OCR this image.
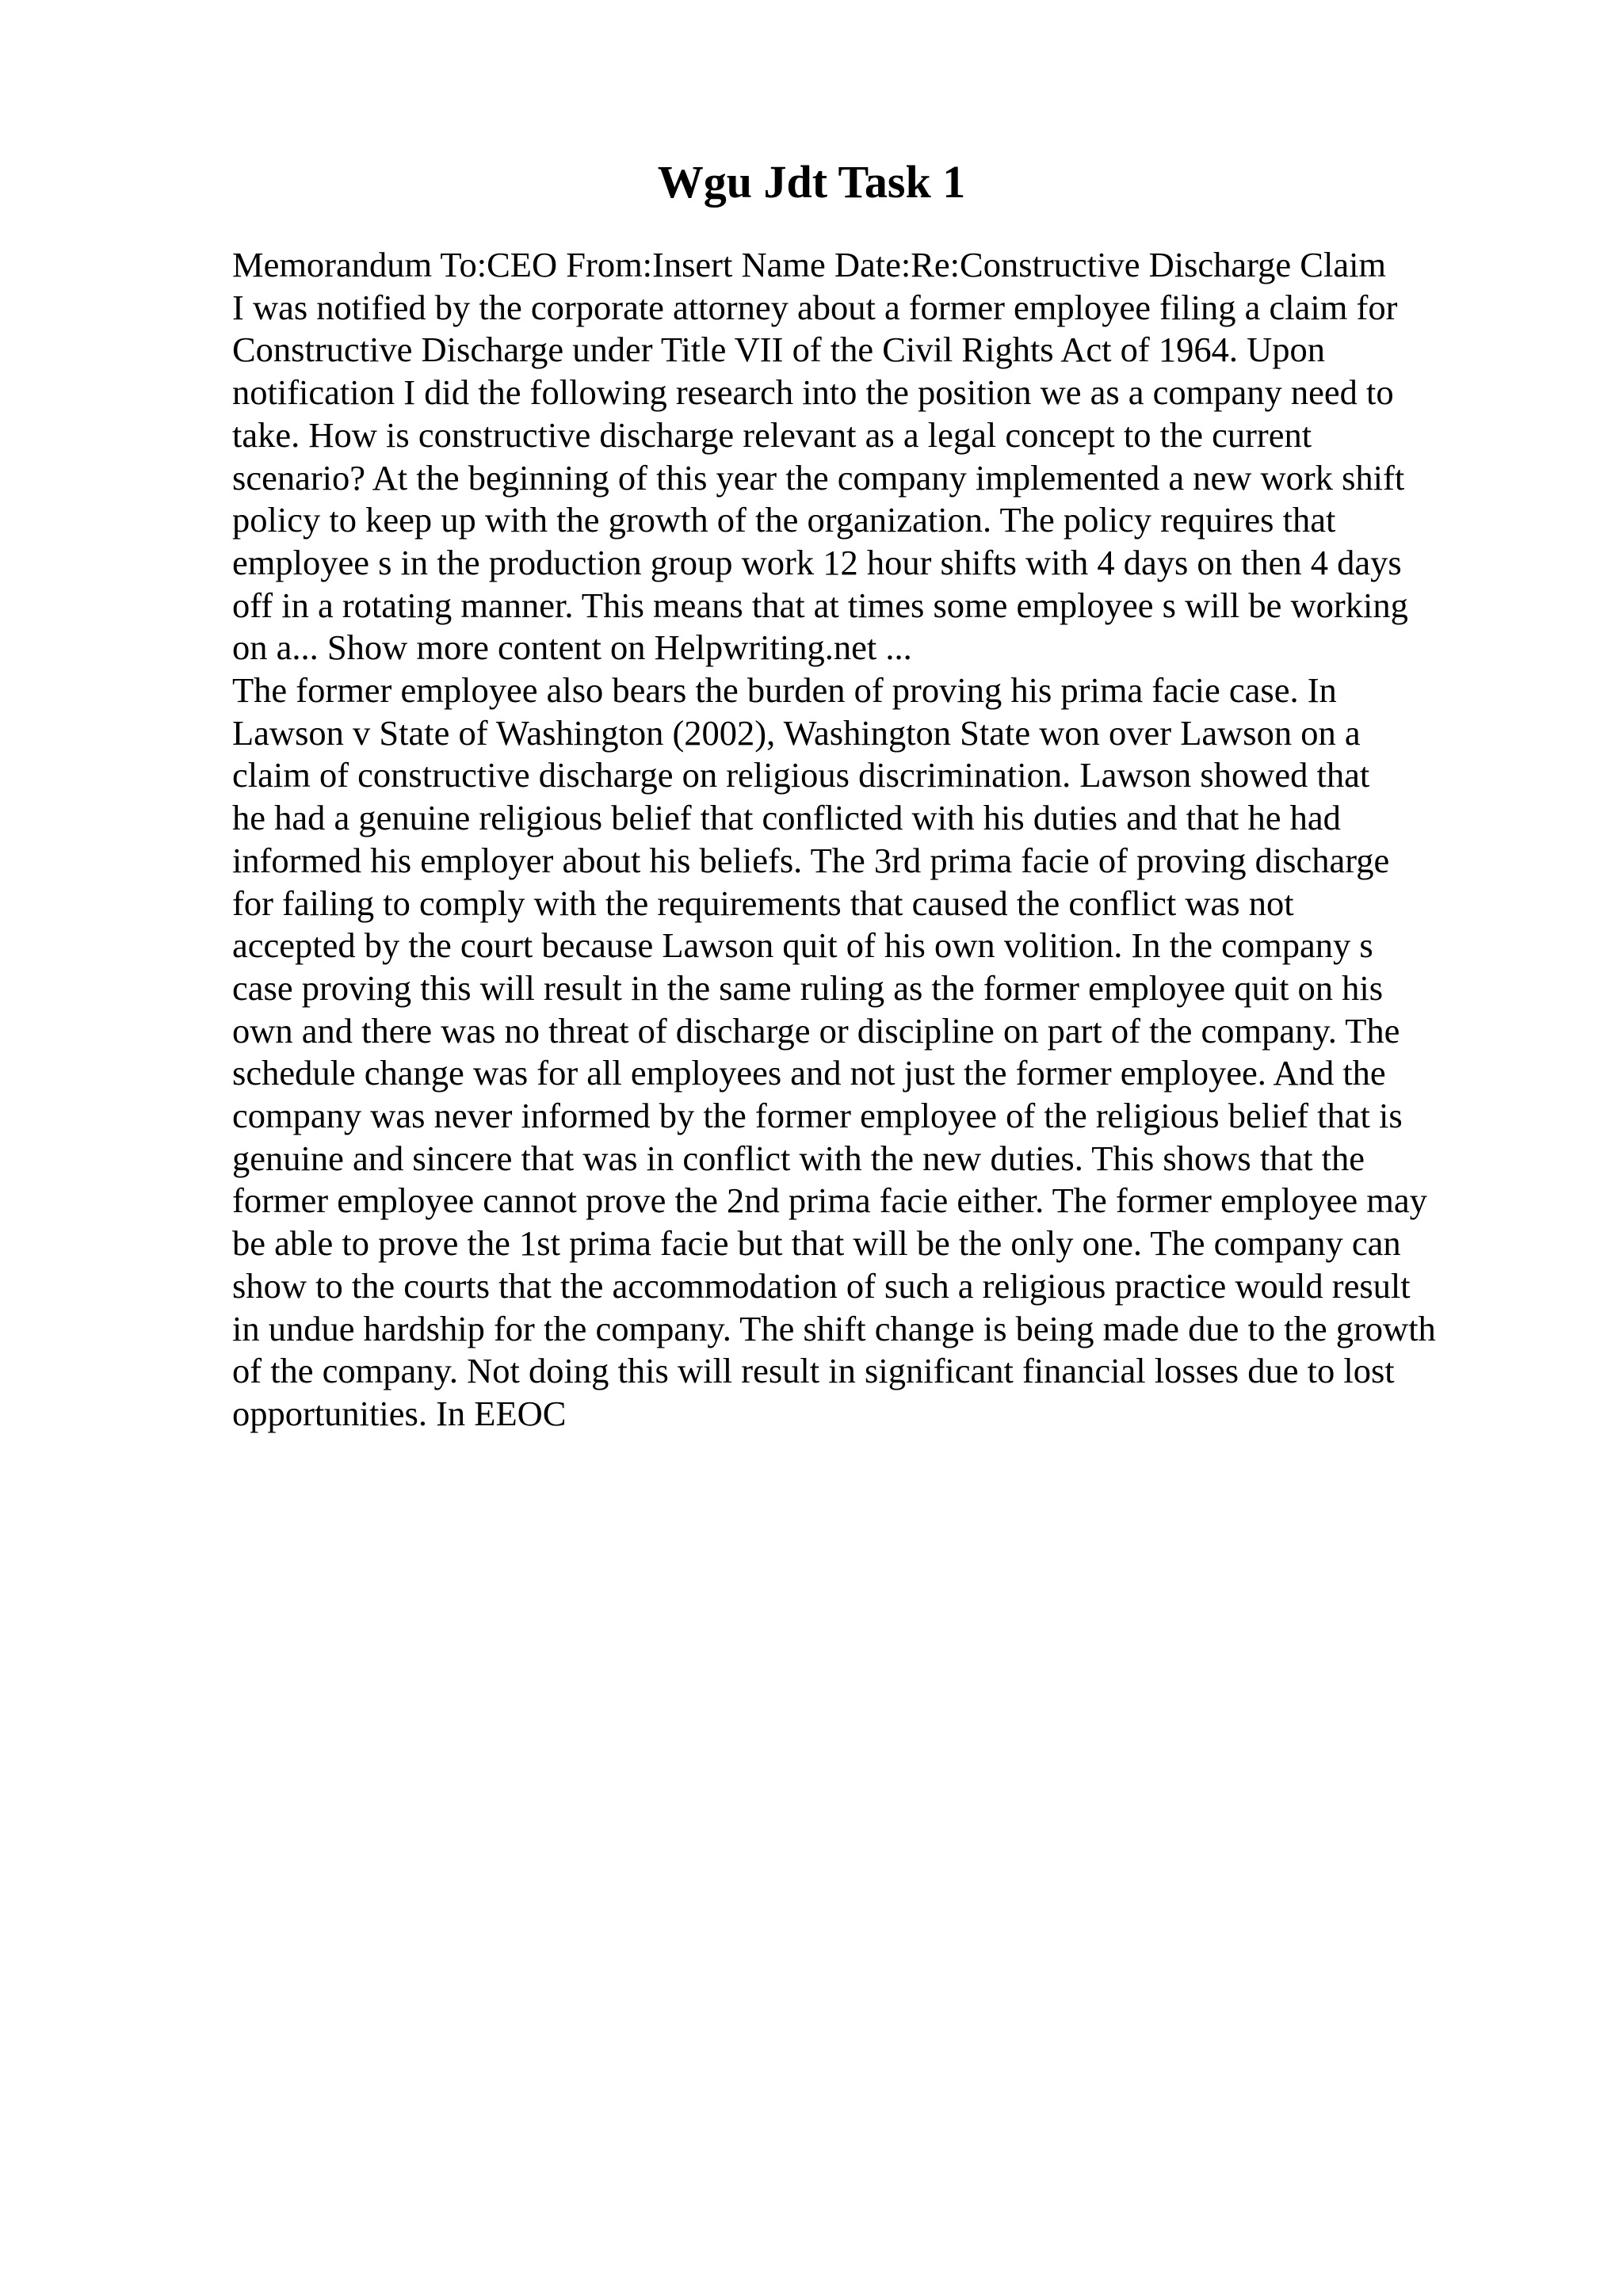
Wgu Jdt Task 1
Memorandum To:CEO From:Insert Name Date:Re:Constructive Discharge Claim
I was notified by the corporate attorney about a former employee filing a claim for
Constructive Discharge under Title VII of the Civil Rights Act of 1964. Upon
notification I did the following research into the position we as a company need to
take. How is constructive discharge relevant as a legal concept to the current
scenario? At the beginning of this year the company implemented a new work shift
policy to keep up with the growth of the organization. The policy requires that
employee s in the production group work 12 hour shifts with 4 days on then 4 days
off in a rotating manner. This means that at times some employee s will be working
on a... Show more content on Helpwriting.net ...
The former employee also bears the burden of proving his prima facie case. In
Lawson v State of Washington (2002), Washington State won over Lawson on a
claim of constructive discharge on religious discrimination. Lawson showed that
he had a genuine religious belief that conflicted with his duties and that he had
informed his employer about his beliefs. The 3rd prima facie of proving discharge
for failing to comply with the requirements that caused the conflict was not
accepted by the court because Lawson quit of his own volition. In the company s
case proving this will result in the same ruling as the former employee quit on his
own and there was no threat of discharge or discipline on part of the company. The
schedule change was for all employees and not just the former employee. And the
company was never informed by the former employee of the religious belief that is
genuine and sincere that was in conflict with the new duties. This shows that the
former employee cannot prove the 2nd prima facie either. The former employee may
be able to prove the 1st prima facie but that will be the only one. The company can
show to the courts that the accommodation of such a religious practice would result
in undue hardship for the company. The shift change is being made due to the growth
of the company. Not doing this will result in significant financial losses due to lost
opportunities. In EEOC
